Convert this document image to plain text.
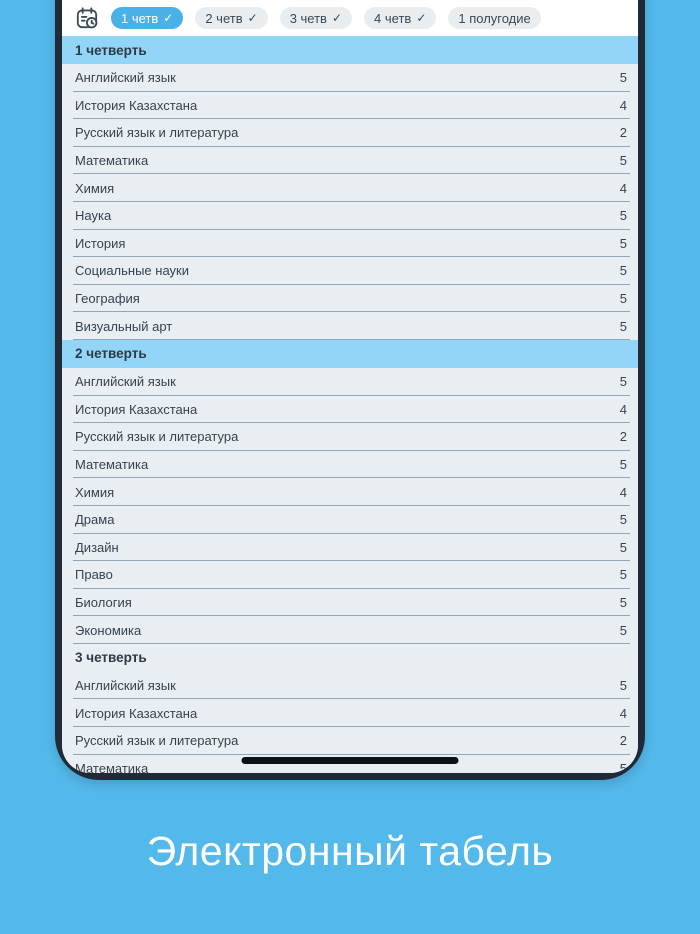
1 четв ✓ 2 четв ✓ 3 четв ✓ 4 четв ✓ 1 полугодие
1 четверть
Английский язык	5
История Казахстана	4
Русский язык и литература	2
Математика	5
Химия	4
Наука	5
История	5
Социальные науки	5
География	5
Визуальный арт	5
2 четверть
Английский язык	5
История Казахстана	4
Русский язык и литература	2
Математика	5
Химия	4
Драма	5
Дизайн	5
Право	5
Биология	5
Экономика	5
3 четверть
Английский язык	5
История Казахстана	4
Русский язык и литература	2
Математика	5
Электронный табель
